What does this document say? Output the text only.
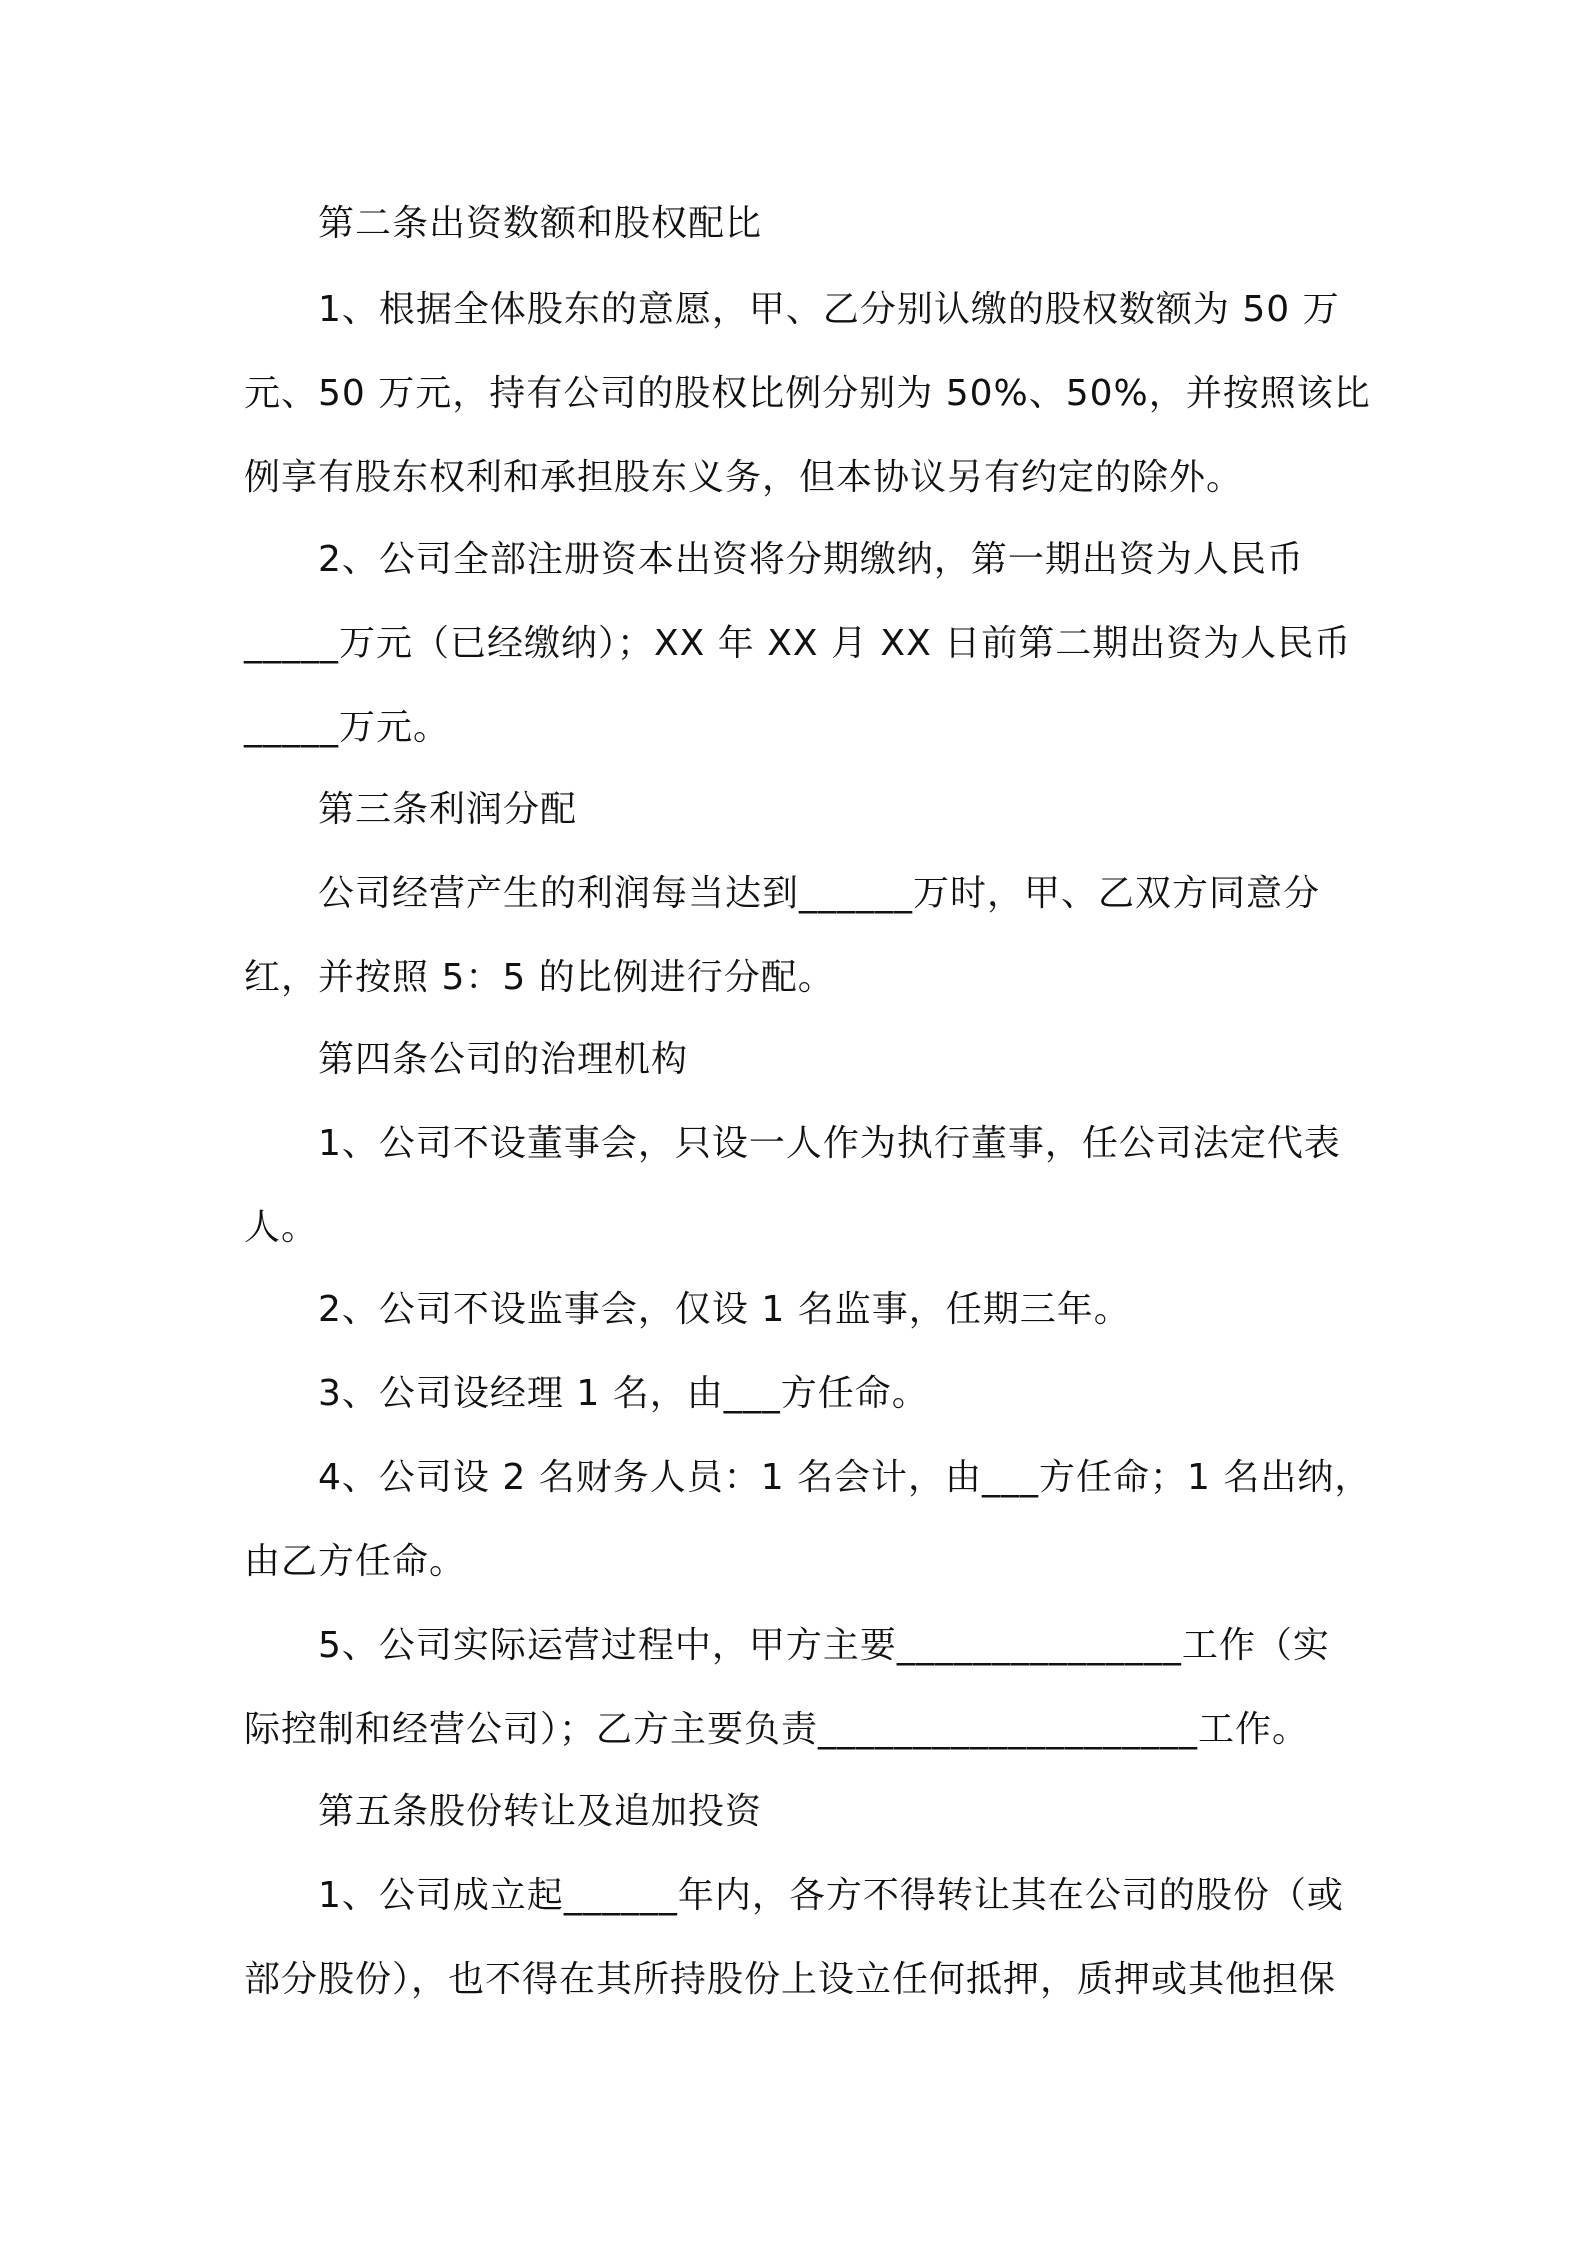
第二条出资数额和股权配比
1、根据全体股东的意愿，甲、乙分别认缴的股权数额为 50 万
元、50 万元，持有公司的股权比例分别为 50%、50%，并按照该比
例享有股东权利和承担股东义务，但本协议另有约定的除外。
2、公司全部注册资本出资将分期缴纳，第一期出资为人民币
_____万元（已经缴纳）；XX 年 XX 月 XX 日前第二期出资为人民币
_____万元。
第三条利润分配
公司经营产生的利润每当达到______万时，甲、乙双方同意分
红，并按照 5：5 的比例进行分配。
第四条公司的治理机构
1、公司不设董事会，只设一人作为执行董事，任公司法定代表
人。
2、公司不设监事会，仅设 1 名监事，任期三年。
3、公司设经理 1 名，由___方任命。
4、公司设 2 名财务人员：1 名会计，由___方任命；1 名出纳，
由乙方任命。
5、公司实际运营过程中，甲方主要_______________工作（实
际控制和经营公司）；乙方主要负责____________________工作。
第五条股份转让及追加投资
1、公司成立起______年内，各方不得转让其在公司的股份（或
部分股份），也不得在其所持股份上设立任何抵押，质押或其他担保
